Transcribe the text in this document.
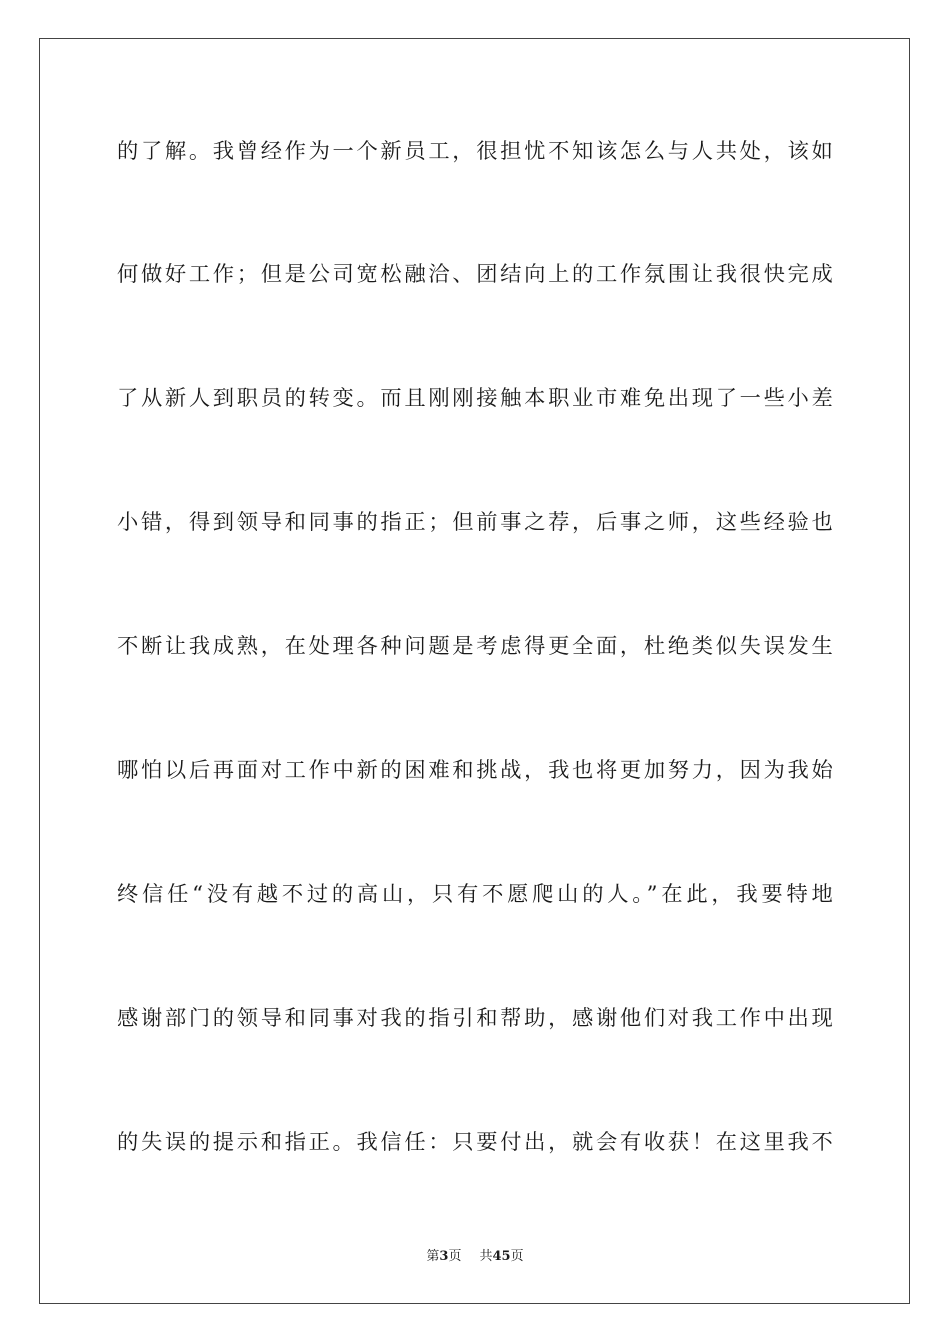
的了解。我曾经作为一个新员工，很担忧不知该怎么与人共处，该如
何做好工作；但是公司宽松融洽、团结向上的工作氛围让我很快完成
了从新人到职员的转变。而且刚刚接触本职业市难免出现了一些小差
小错，得到领导和同事的指正；但前事之荐，后事之师，这些经验也
不断让我成熟，在处理各种问题是考虑得更全面，杜绝类似失误发生
哪怕以后再面对工作中新的困难和挑战，我也将更加努力，因为我始
终信任“没有越不过的高山，只有不愿爬山的人。”在此，我要特地
感谢部门的领导和同事对我的指引和帮助，感谢他们对我工作中出现
的失误的提示和指正。我信任：只要付出，就会有收获！在这里我不
第3页 共45页
